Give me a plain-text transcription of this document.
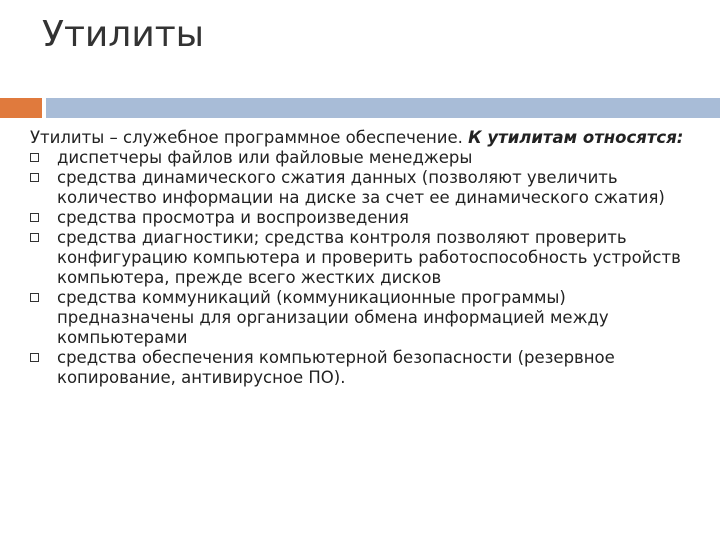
Утилиты

Утилиты – служебное программное обеспечение. К утилитам относятся:

диспетчеры файлов или файловые менеджеры
средства динамического сжатия данных (позволяют увеличить количество информации на диске за счет ее динамического сжатия)
средства просмотра и воспроизведения
средства диагностики; средства контроля позволяют проверить конфигурацию компьютера и проверить работоспособность устройств компьютера, прежде всего жестких дисков
средства коммуникаций (коммуникационные программы) предназначены для организации обмена информацией между компьютерами
средства обеспечения компьютерной безопасности (резервное копирование, антивирусное ПО).
